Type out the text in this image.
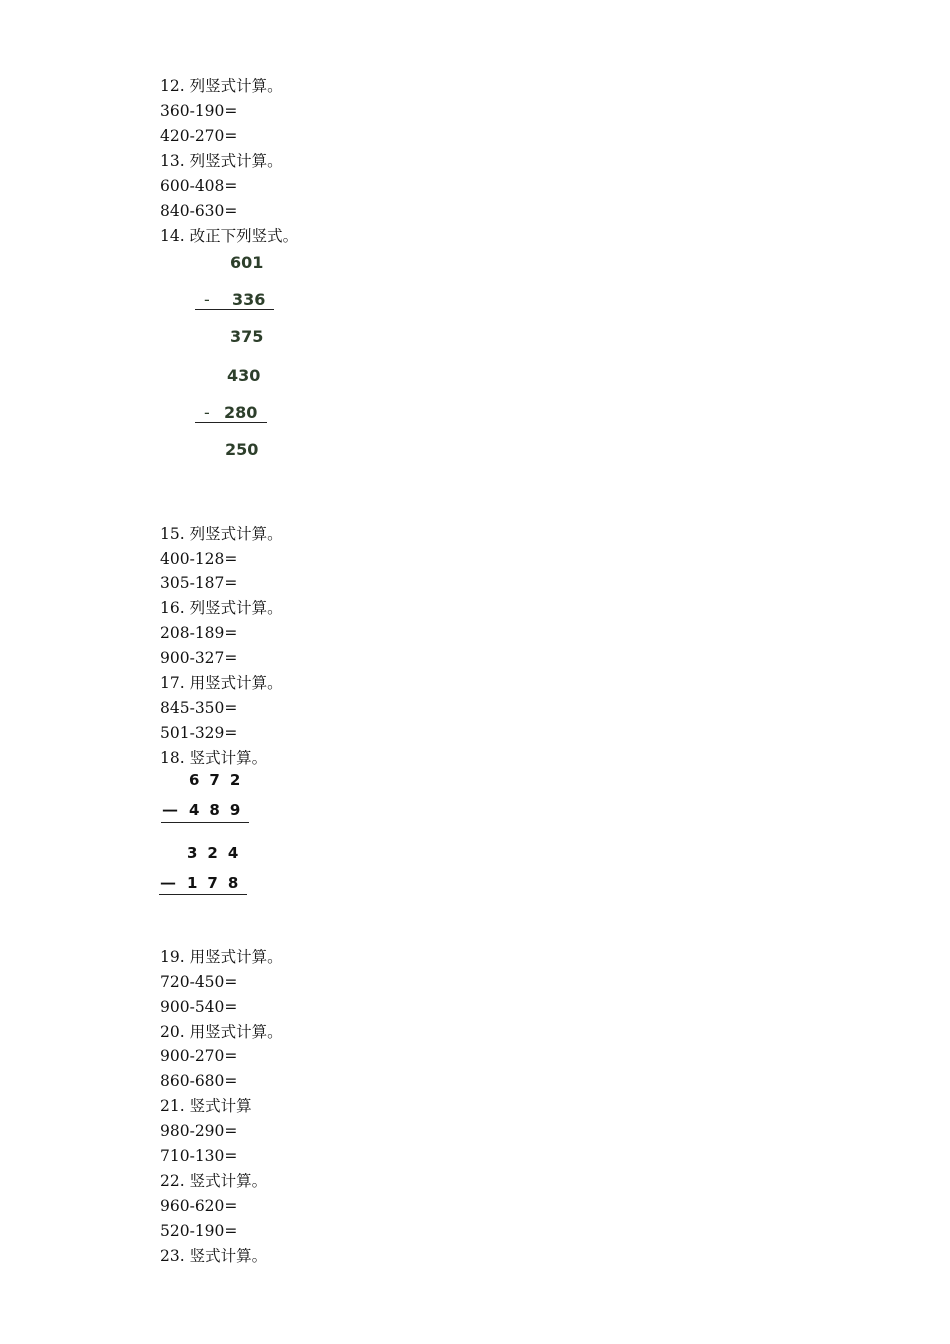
12. 列竖式计算。
360-190=
420-270=
13. 列竖式计算。
600-408=
840-630=
14. 改正下列竖式。
601
- 336
375
430
- 280
250
15. 列竖式计算。
400-128=
305-187=
16. 列竖式计算。
208-189=
900-327=
17. 用竖式计算。
845-350=
501-329=
18. 竖式计算。
672
— 489
324
— 178
19. 用竖式计算。
720-450=
900-540=
20. 用竖式计算。
900-270=
860-680=
21. 竖式计算
980-290=
710-130=
22. 竖式计算。
960-620=
520-190=
23. 竖式计算。
